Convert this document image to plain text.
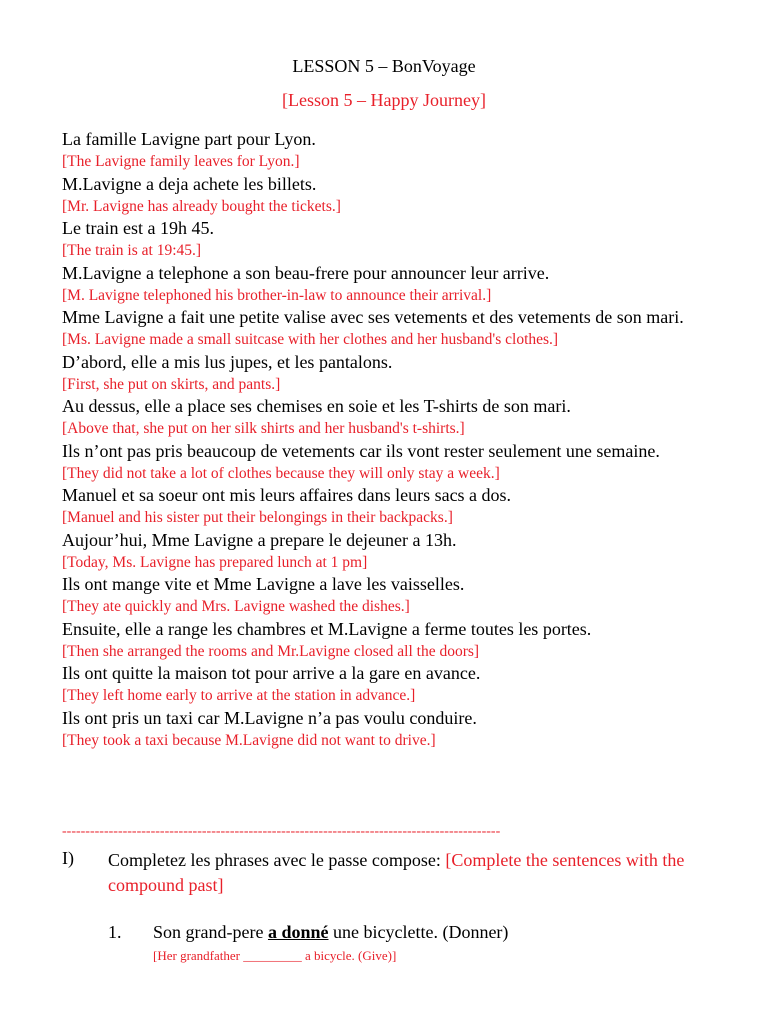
LESSON 5 – BonVoyage
[Lesson 5 – Happy Journey]

La famille Lavigne part pour Lyon.

[The Lavigne family leaves for Lyon.]

M.Lavigne a deja achete les billets.

[Mr. Lavigne has already bought the tickets.]

Le train est a 19h 45.

[The train is at 19:45.]

M.Lavigne a telephone a son beau-frere pour announcer leur arrive.

[M. Lavigne telephoned his brother-in-law to announce their arrival.]

Mme Lavigne a fait une petite valise avec ses vetements et des vetements de son mari.

[Ms. Lavigne made a small suitcase with her clothes and her husband's clothes.]

D’abord, elle a mis lus jupes, et les pantalons.

[First, she put on skirts, and pants.]

Au dessus, elle a place ses chemises en soie et les T-shirts de son mari.

[Above that, she put on her silk shirts and her husband's t-shirts.]

Ils n’ont pas pris beaucoup de vetements car ils vont rester seulement une semaine.

[They did not take a lot of clothes because they will only stay a week.]

Manuel et sa soeur ont mis leurs affaires dans leurs sacs a dos.

[Manuel and his sister put their belongings in their backpacks.]

Aujour’hui, Mme Lavigne a prepare le dejeuner a 13h.

[Today, Ms. Lavigne has prepared lunch at 1 pm]

Ils ont mange vite et Mme Lavigne a lave les vaisselles.

[They ate quickly and Mrs. Lavigne washed the dishes.]

Ensuite, elle a range les chambres et M.Lavigne a ferme toutes les portes.

[Then she arranged the rooms and Mr.Lavigne closed all the doors]

Ils ont quitte la maison tot pour arrive a la gare en avance.

[They left home early to arrive at the station in advance.]

Ils ont pris un taxi car M.Lavigne n’a pas voulu conduire.

[They took a taxi because M.Lavigne did not want to drive.]

----------------------------------------------------------------------------------------------
I) Completez les phrases avec le passe compose: [Complete the sentences with the compound past]
1. Son grand-pere a donné une bicyclette. (Donner)
[Her grandfather _________ a bicycle. (Give)]
